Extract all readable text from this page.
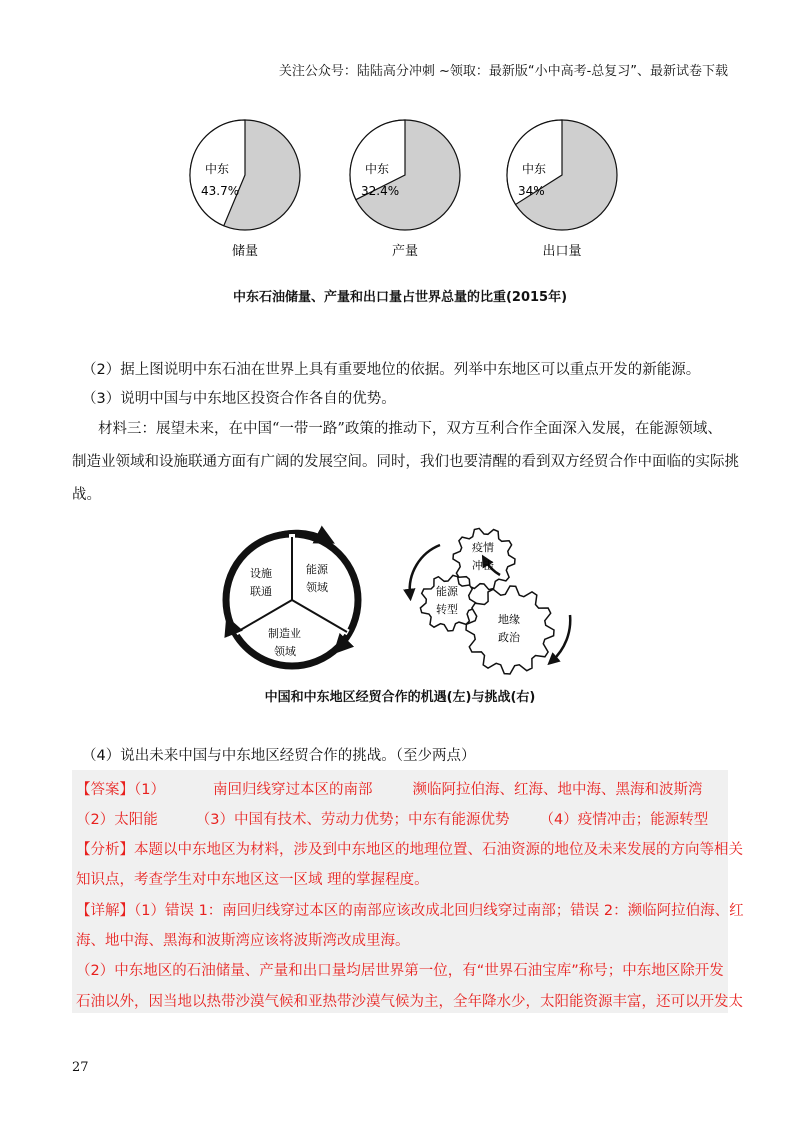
关注公众号：陆陆高分冲刺 ~领取：最新版“小中高考-总复习”、最新试卷下载
中东
43.7%
储量
中东
32.4%
产量
中东
34%
出口量
中东石油储量、产量和出口量占世界总量的比重(2015年)
（2）据上图说明中东石油在世界上具有重要地位的依据。列举中东地区可以重点开发的新能源。
（3）说明中国与中东地区投资合作各自的优势。
材料三：展望未来，在中国“一带一路”政策的推动下，双方互利合作全面深入发展，在能源领域、
制造业领域和设施联通方面有广阔的发展空间。同时，我们也要清醒的看到双方经贸合作中面临的实际挑
战。
设施
联通
能源
领域
制造业
领域
疫情
冲击
能源
转型
地缘
政治
中国和中东地区经贸合作的机遇(左)与挑战(右)
（4）说出未来中国与中东地区经贸合作的挑战。（至少两点）
【答案】（1）	南回归线穿过本区的南部	濒临阿拉伯海、红海、地中海、黑海和波斯湾
（2）太阳能	（3）中国有技术、劳动力优势；中东有能源优势 （4）疫情冲击；能源转型
【分析】本题以中东地区为材料，涉及到中东地区的地理位置、石油资源的地位及未来发展的方向等相关
知识点，考查学生对中东地区这一区域 理的掌握程度。
【详解】（1）错误 1：南回归线穿过本区的南部应该改成北回归线穿过南部；错误 2：濒临阿拉伯海、红
海、地中海、黑海和波斯湾应该将波斯湾改成里海。
（2）中东地区的石油储量、产量和出口量均居世界第一位，有“世界石油宝库”称号；中东地区除开发
石油以外，因当地以热带沙漠气候和亚热带沙漠气候为主，全年降水少，太阳能资源丰富，还可以开发太
27
